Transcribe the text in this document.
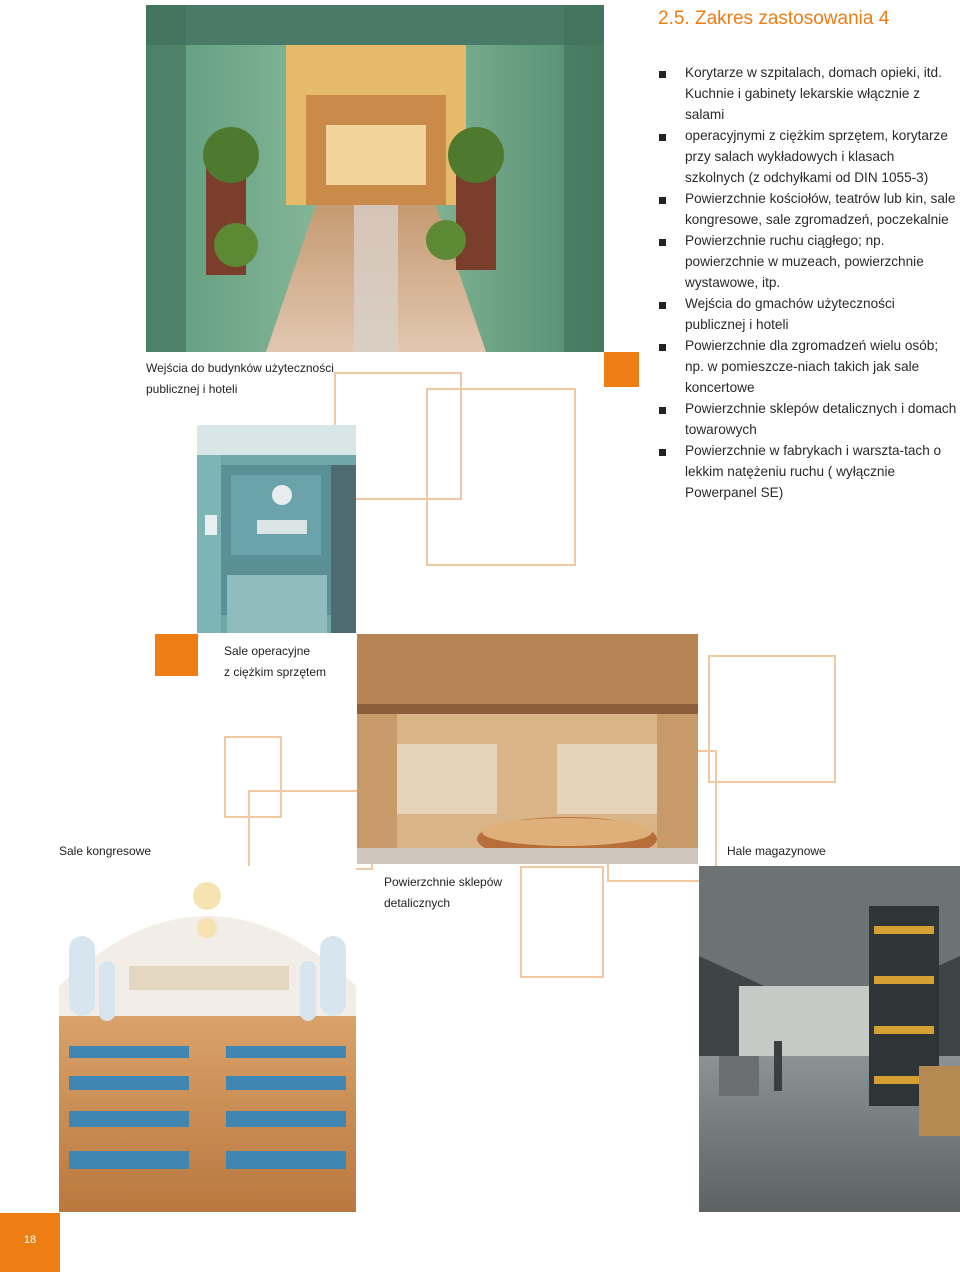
2.5. Zakres zastosowania 4
Korytarze w szpitalach, domach opieki, itd. Kuchnie i gabinety lekarskie włącznie z salami
operacyjnymi z ciężkim sprzętem, korytarze przy salach wykładowych i klasach szkolnych (z odchyłkami od DIN 1055-3)
Powierzchnie kościołów, teatrów lub kin, sale kongresowe, sale zgromadzeń, poczekalnie
Powierzchnie ruchu ciągłego; np. powierzchnie w muzeach, powierzchnie wystawowe, itp.
Wejścia do gmachów użyteczności publicznej i hoteli
Powierzchnie dla zgromadzeń wielu osób; np. w pomieszcze-niach takich jak sale koncertowe
Powierzchnie sklepów detalicznych i domach towarowych
Powierzchnie w fabrykach i warszta-tach o lekkim natężeniu ruchu ( wyłącznie Powerpanel SE)
Wejścia do budynków użyteczności
publicznej i hoteli
Sale operacyjne
z ciężkim sprzętem
Powierzchnie sklepów
detalicznych
Sale kongresowe	Hale magazynowe
18
